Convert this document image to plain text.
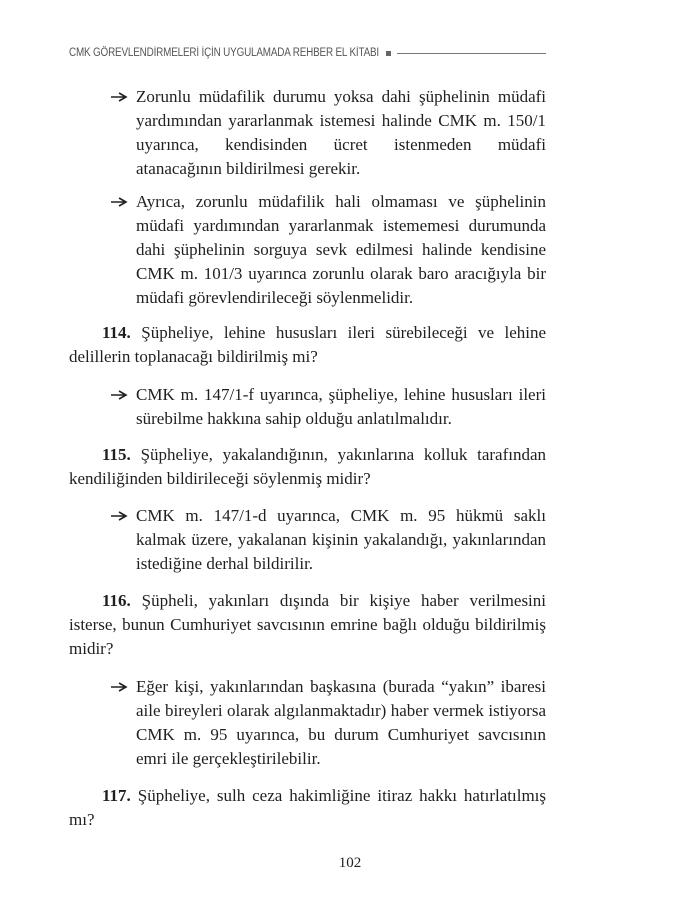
CMK GÖREVLENDİRMELERİ İÇİN UYGULAMADA REHBER EL KİTABI
Zorunlu müdafilik durumu yoksa dahi şüphelinin müdafi yardımından yararlanmak istemesi halinde CMK m. 150/1 uyarınca, kendisinden ücret istenmeden müdafi atanacağının bildirilmesi gerekir.
Ayrıca, zorunlu müdafilik hali olmaması ve şüphelinin müdafi yardımından yararlanmak istememesi durumunda dahi şüphelinin sorguya sevk edilmesi halinde kendisine CMK m. 101/3 uyarınca zorunlu olarak baro aracığıyla bir müdafi görevlendirileceği söylenmelidir.
114. Şüpheliye, lehine hususları ileri sürebileceği ve lehine delillerin toplanacağı bildirilmiş mi?
CMK m. 147/1-f uyarınca, şüpheliye, lehine hususları ileri sürebilme hakkına sahip olduğu anlatılmalıdır.
115. Şüpheliye, yakalandığının, yakınlarına kolluk tarafından kendiliğinden bildirileceği söylenmiş midir?
CMK m. 147/1-d uyarınca, CMK m. 95 hükmü saklı kalmak üzere, yakalanan kişinin yakalandığı, yakınlarından istediğine derhal bildirilir.
116. Şüpheli, yakınları dışında bir kişiye haber verilmesini isterse, bunun Cumhuriyet savcısının emrine bağlı olduğu bildirilmiş midir?
Eğer kişi, yakınlarından başkasına (burada “yakın” ibaresi aile bireyleri olarak algılanmaktadır) haber vermek istiyorsa CMK m. 95 uyarınca, bu durum Cumhuriyet savcısının emri ile gerçekleştirilebilir.
117. Şüpheliye, sulh ceza hakimliğine itiraz hakkı hatırlatılmış mı?
102
